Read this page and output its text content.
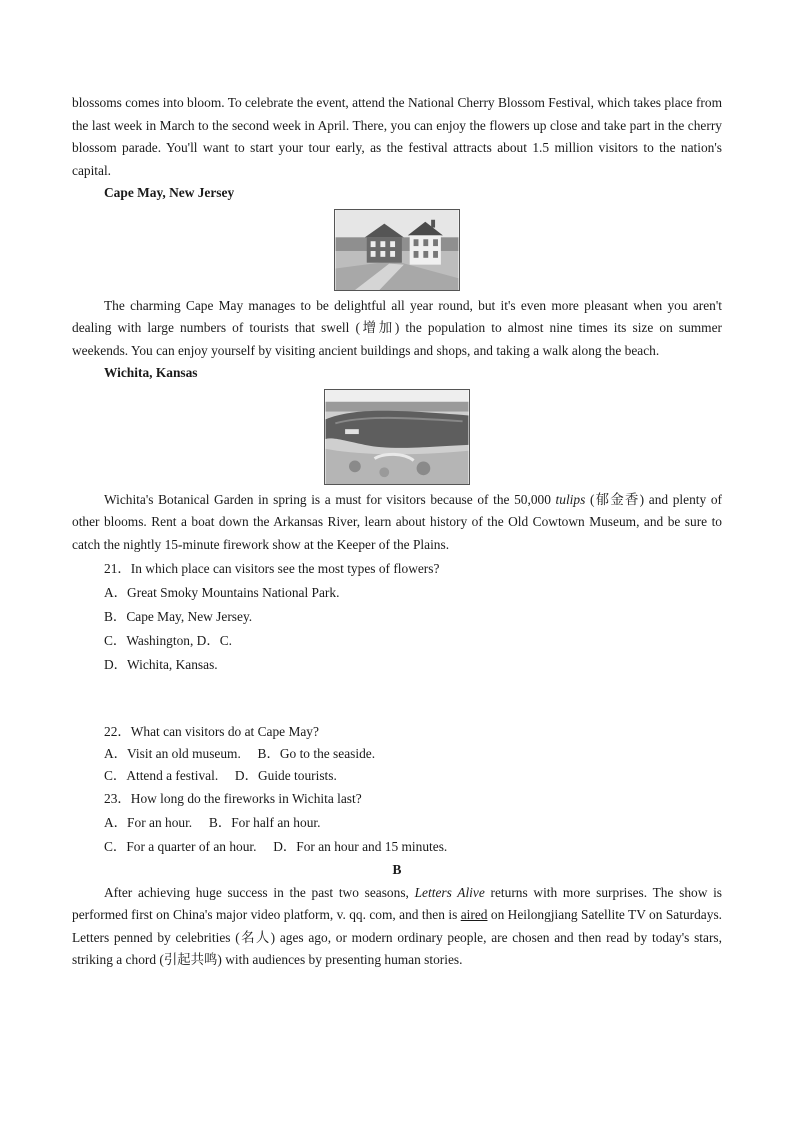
blossoms comes into bloom. To celebrate the event, attend the National Cherry Blossom Festival, which takes place from the last week in March to the second week in April. There, you can enjoy the flowers up close and take part in the cherry blossom parade. You'll want to start your tour early, as the festival attracts about 1.5 million visitors to the nation's capital.

Cape May, New Jersey

The charming Cape May manages to be delightful all year round, but it's even more pleasant when you aren't dealing with large numbers of tourists that swell (增加) the population to almost nine times its size on summer weekends. You can enjoy yourself by visiting ancient buildings and shops, and taking a walk along the beach.

Wichita, Kansas

Wichita's Botanical Garden in spring is a must for visitors because of the 50,000 tulips (郁金香) and plenty of other blooms. Rent a boat down the Arkansas River, learn about history of the Old Cowtown Museum, and be sure to catch the nightly 15-minute firework show at the Keeper of the Plains.

21．In which place can visitors see the most types of flowers?

A．Great Smoky Mountains National Park.

B．Cape May, New Jersey.

C．Washington, D．C.

D．Wichita, Kansas.

22．What can visitors do at Cape May?

A．Visit an old museum.     B．Go to the seaside.

C．Attend a festival.     D．Guide tourists.

23．How long do the fireworks in Wichita last?

A．For an hour.     B．For half an hour.

C．For a quarter of an hour.     D．For an hour and 15 minutes.

B

After achieving huge success in the past two seasons, Letters Alive returns with more surprises. The show is performed first on China's major video platform, v. qq. com, and then is aired on Heilongjiang Satellite TV on Saturdays. Letters penned by celebrities (名人) ages ago, or modern ordinary people, are chosen and then read by today's stars, striking a chord (引起共鸣) with audiences by presenting human stories.
